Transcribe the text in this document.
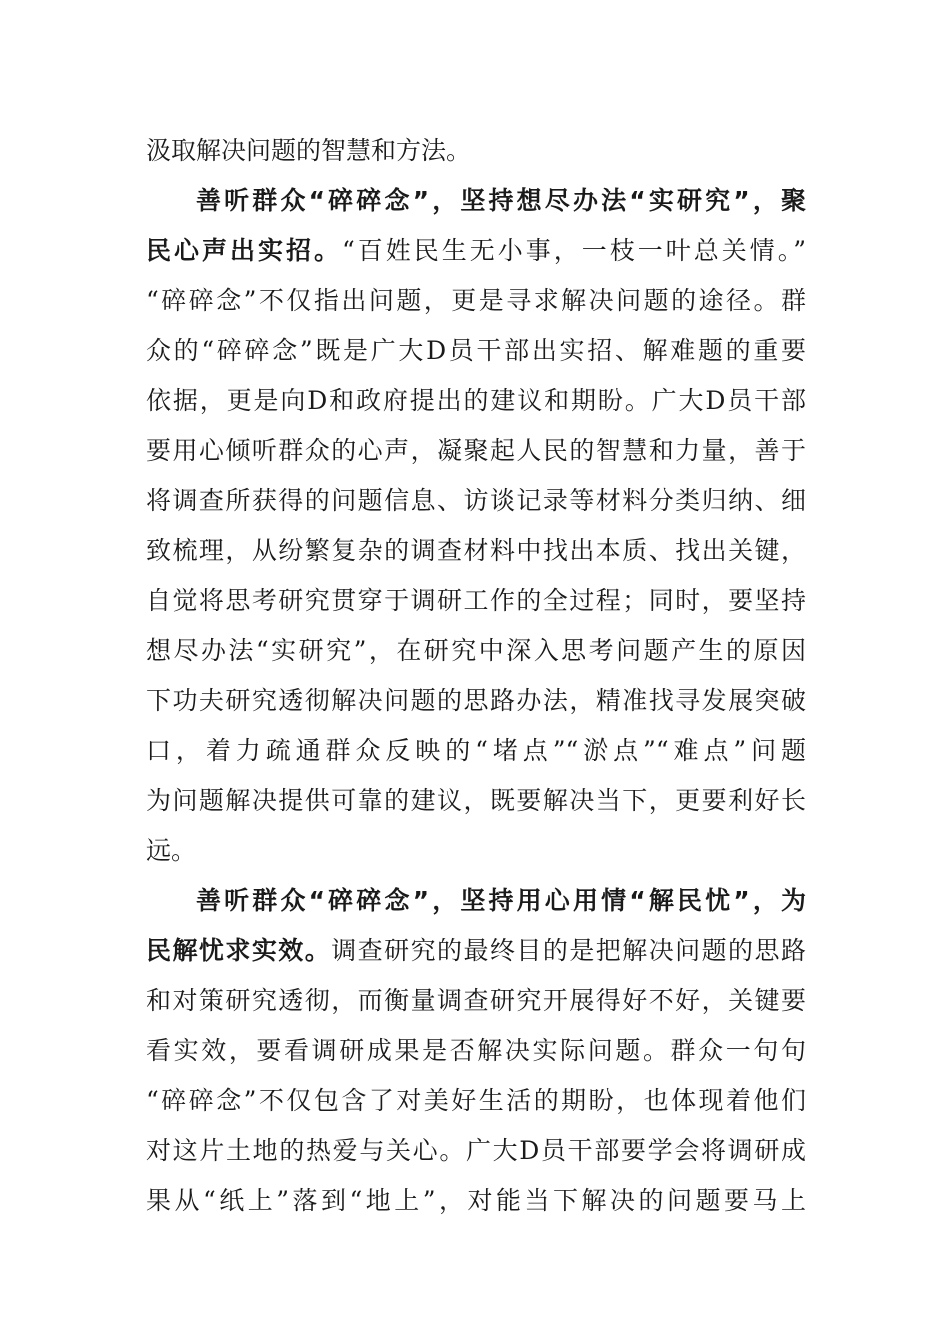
汲取解决问题的智慧和方法。
善听群众“碎碎念”，坚持想尽办法“实研究”，聚
民心声出实招。“百姓民生无小事，一枝一叶总关情。”
“碎碎念”不仅指出问题，更是寻求解决问题的途径。群
众的“碎碎念”既是广大D员干部出实招、解难题的重要
依据，更是向D和政府提出的建议和期盼。广大D员干部
要用心倾听群众的心声，凝聚起人民的智慧和力量，善于
将调查所获得的问题信息、访谈记录等材料分类归纳、细
致梳理，从纷繁复杂的调查材料中找出本质、找出关键，
自觉将思考研究贯穿于调研工作的全过程；同时，要坚持
想尽办法“实研究”，在研究中深入思考问题产生的原因
下功夫研究透彻解决问题的思路办法，精准找寻发展突破
口，着力疏通群众反映的“堵点”“淤点”“难点”问题
为问题解决提供可靠的建议，既要解决当下，更要利好长
远。
善听群众“碎碎念”，坚持用心用情“解民忧”，为
民解忧求实效。调查研究的最终目的是把解决问题的思路
和对策研究透彻，而衡量调查研究开展得好不好，关键要
看实效，要看调研成果是否解决实际问题。群众一句句
“碎碎念”不仅包含了对美好生活的期盼，也体现着他们
对这片土地的热爱与关心。广大D员干部要学会将调研成
果从“纸上”落到“地上”，对能当下解决的问题要马上
